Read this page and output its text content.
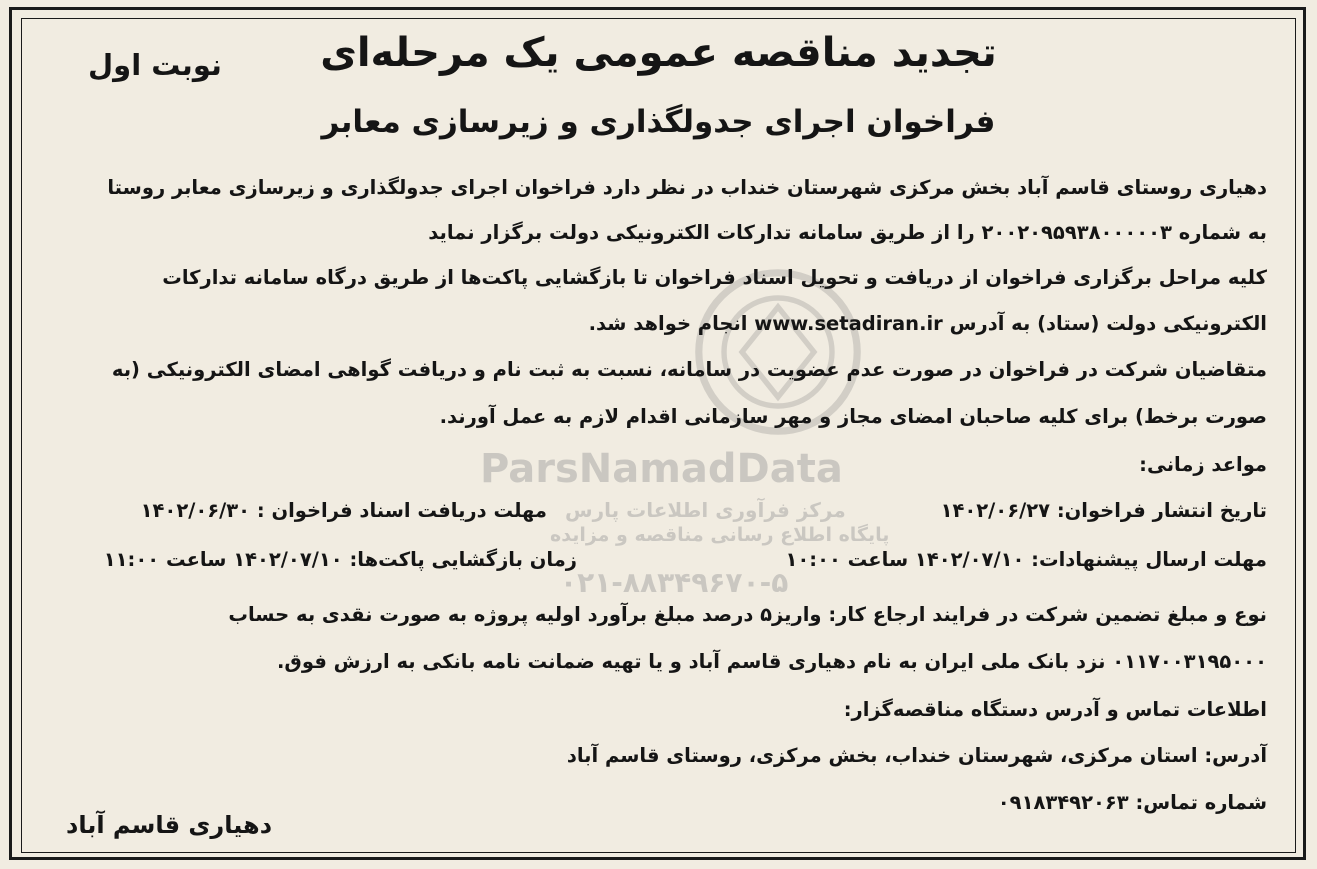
ParsNamadData
مرکز فرآوری اطلاعات پارس
پایگاه اطلاع رسانی مناقصه و مزایده
۰۲۱-۸۸۳۴۹۶۷۰-۵
تجدید مناقصه عمومی یک مرحله‌ای
نوبت اول
فراخوان اجرای جدولگذاری و زیرسازی معابر
دهیاری روستای قاسم آباد بخش مرکزی شهرستان خنداب در نظر دارد فراخوان اجرای جدولگذاری و زیرسازی معابر روستا
به شماره ۲۰۰۲۰۹۵۹۳۸۰۰۰۰۰۳ را از طریق سامانه تدارکات الکترونیکی دولت برگزار نماید
کلیه مراحل برگزاری فراخوان از دریافت و تحویل اسناد فراخوان تا بازگشایی پاکت‌ها از طریق درگاه سامانه تدارکات
الکترونیکی دولت (ستاد) به آدرس www.setadiran.ir انجام خواهد شد.
متقاضیان شرکت در فراخوان در صورت عدم عضویت در سامانه، نسبت به ثبت نام و دریافت گواهی امضای الکترونیکی (به
صورت برخط) برای کلیه صاحبان امضای مجاز و مهر سازمانی اقدام لازم به عمل آورند.
مواعد زمانی:
تاریخ انتشار فراخوان: ۱۴۰۲/۰۶/۲۷
مهلت دریافت اسناد فراخوان : ۱۴۰۲/۰۶/۳۰
مهلت ارسال پیشنهادات: ۱۴۰۲/۰۷/۱۰ ساعت ۱۰:۰۰
زمان بازگشایی پاکت‌ها: ۱۴۰۲/۰۷/۱۰ ساعت ۱۱:۰۰
نوع و مبلغ تضمین شرکت در فرایند ارجاع کار: واریز۵ درصد مبلغ برآورد اولیه پروژه به صورت نقدی به حساب
۰۱۱۷۰۰۳۱۹۵۰۰۰ نزد بانک ملی ایران به نام دهیاری قاسم آباد و یا تهیه ضمانت نامه بانکی به ارزش فوق.
اطلاعات تماس و آدرس دستگاه مناقصه‌گزار:
آدرس: استان مرکزی، شهرستان خنداب، بخش مرکزی، روستای قاسم آباد
شماره تماس: ۰۹۱۸۳۴۹۲۰۶۳
دهیاری قاسم آباد
